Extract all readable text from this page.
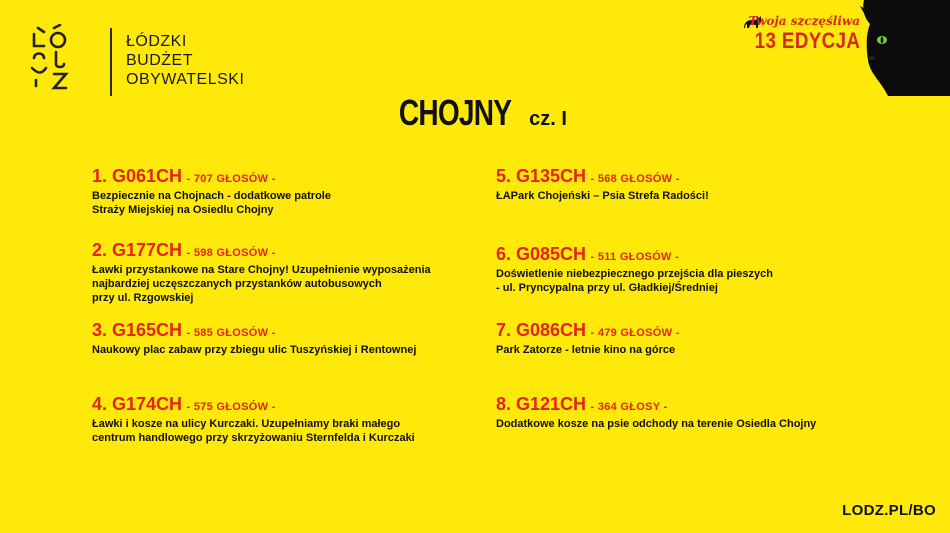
ŁÓDZKI
BUDŻET
OBYWATELSKI
Twoja szczęśliwa
13 EDYCJA
CHOJNY cz. I
1. G061CH - 707 GŁOSÓW -
Bezpiecznie na Chojnach - dodatkowe patrole
Straży Miejskiej na Osiedlu Chojny
2. G177CH - 598 GŁOSÓW -
Ławki przystankowe na Stare Chojny! Uzupełnienie wyposażenia
najbardziej uczęszczanych przystanków autobusowych
przy ul. Rzgowskiej
3. G165CH - 585 GŁOSÓW -
Naukowy plac zabaw przy zbiegu ulic Tuszyńskiej i Rentownej
4. G174CH - 575 GŁOSÓW -
Ławki i kosze na ulicy Kurczaki. Uzupełniamy braki małego
centrum handlowego przy skrzyżowaniu Sternfelda i Kurczaki
5. G135CH - 568 GŁOSÓW -
ŁAPark Chojeński – Psia Strefa Radości!
6. G085CH - 511 GŁOSÓW -
Doświetlenie niebezpiecznego przejścia dla pieszych
- ul. Pryncypalna przy ul. Gładkiej/Średniej
7. G086CH - 479 GŁOSÓW -
Park Zatorze - letnie kino na górce
8. G121CH - 364 GŁOSY -
Dodatkowe kosze na psie odchody na terenie Osiedla Chojny
LODZ.PL/BO
